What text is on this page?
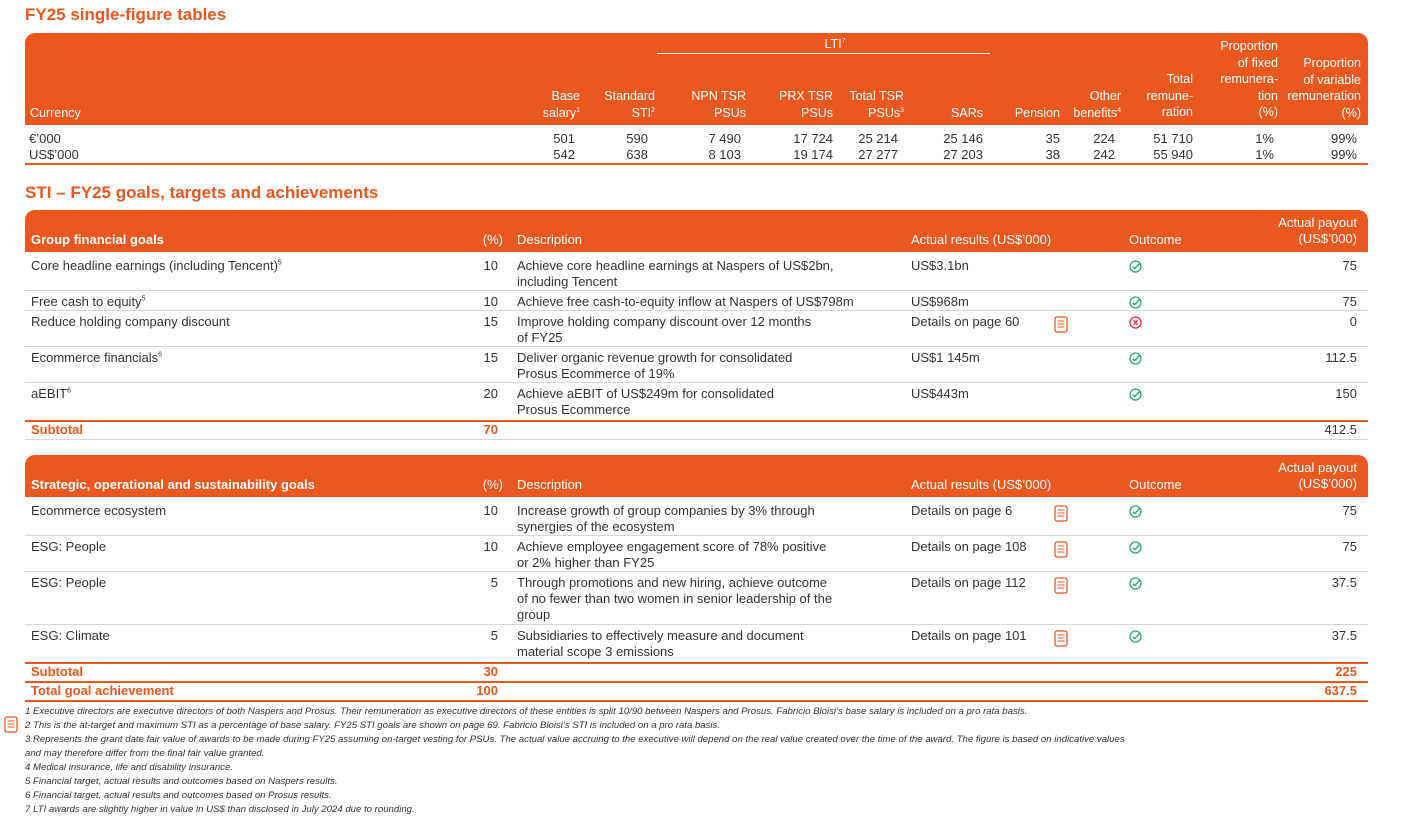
FY25 single-figure tables
LTI$^7$
Currency
Base
salary$^1$
Standard
STI$^2$
NPN TSR
PSUs
PRX TSR
PSUs
Total TSR
PSUs$^3$	SARs	Pension
Other
benefits$^4$
Total
remune-
ration
Proportion
of fixed
remunera-
tion
(%)
Proportion
of variable
remuneration
(%)
€’000	501	590	7 490	17 724	25 214	25 146	35	224	51 710	1%	99%
US$’000	542	638	8 103	19 174	27 277	27 203	38	242	55 940	1%	99%
STI – FY25 goals, targets and achievements
Group financial goals	(%) Description	Actual results (US$’000)	Outcome
Actual payout
(US$’000)
Core headline earnings (including Tencent)$^5$	10 Achieve core headline earnings at Naspers of US$2bn,
including Tencent
US$3.1bn	75
Free cash to equity$^5$	10 Achieve free cash-to-equity inflow at Naspers of US$798m	US$968m	75
Reduce holding company discount	15 Improve holding company discount over 12 months
of FY25
Details on page 60	0
Ecommerce financials$^6$	15 Deliver organic revenue growth for consolidated
Prosus Ecommerce of 19%
US$1 145m	112.5
aEBIT$^6$	20 Achieve aEBIT of US$249m for consolidated
Prosus Ecommerce
US$443m	150
Subtotal	70	412.5
Strategic, operational and sustainability goals	(%) Description	Actual results (US$’000)	Outcome
Actual payout
(US$’000)
Ecommerce ecosystem	10 Increase growth of group companies by 3% through
synergies of the ecosystem
Details on page 6	75
ESG: People	10 Achieve employee engagement score of 78% positive
or 2% higher than FY25
Details on page 108	75
ESG: People	5 Through promotions and new hiring, achieve outcome
of no fewer than two women in senior leadership of the
group
Details on page 112	37.5
ESG: Climate	5 Subsidiaries to effectively measure and document
material scope 3 emissions
Details on page 101	37.5
Subtotal	30	225
Total goal achievement	100	637.5
1 Executive directors are executive directors of both Naspers and Prosus. Their remuneration as executive directors of these entities is split 10/90 between Naspers and Prosus. Fabricio Bloisi’s base salary is included on a pro rata basis.
2 This is the at-target and maximum STI as a percentage of base salary. FY25 STI goals are shown on page 69. Fabricio Bloisi’s STI is included on a pro rata basis.
3 Represents the grant date fair value of awards to be made during FY25 assuming on-target vesting for PSUs. The actual value accruing to the executive will depend on the real value created over the time of the award. The figure is based on indicative values
and may therefore differ from the final fair value granted.
4 Medical insurance, life and disability insurance.
5 Financial target, actual results and outcomes based on Naspers results.
6 Financial target, actual results and outcomes based on Prosus results.
7 LTI awards are slightly higher in value in US$ than disclosed in July 2024 due to rounding.
